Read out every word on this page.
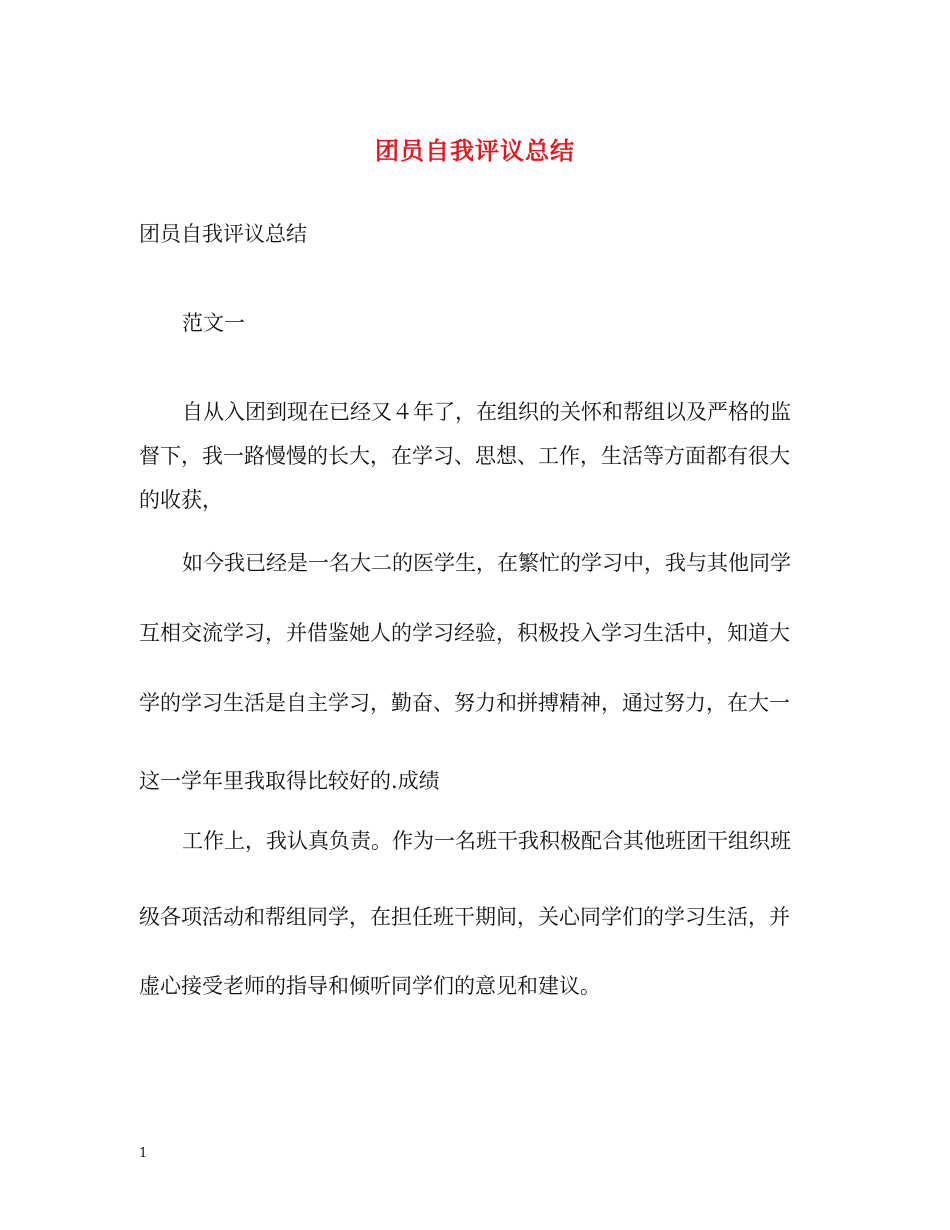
团员自我评议总结
团员自我评议总结
范文一
自从入团到现在已经又４年了，在组织的关怀和帮组以及严格的监
督下，我一路慢慢的长大，在学习、思想、工作，生活等方面都有很大
的收获，
如今我已经是一名大二的医学生，在繁忙的学习中，我与其他同学
互相交流学习，并借鉴她人的学习经验，积极投入学习生活中，知道大
学的学习生活是自主学习，勤奋、努力和拼搏精神，通过努力，在大一
这一学年里我取得比较好的.成绩
工作上，我认真负责。作为一名班干我积极配合其他班团干组织班
级各项活动和帮组同学，在担任班干期间，关心同学们的学习生活，并
虚心接受老师的指导和倾听同学们的意见和建议。
1
